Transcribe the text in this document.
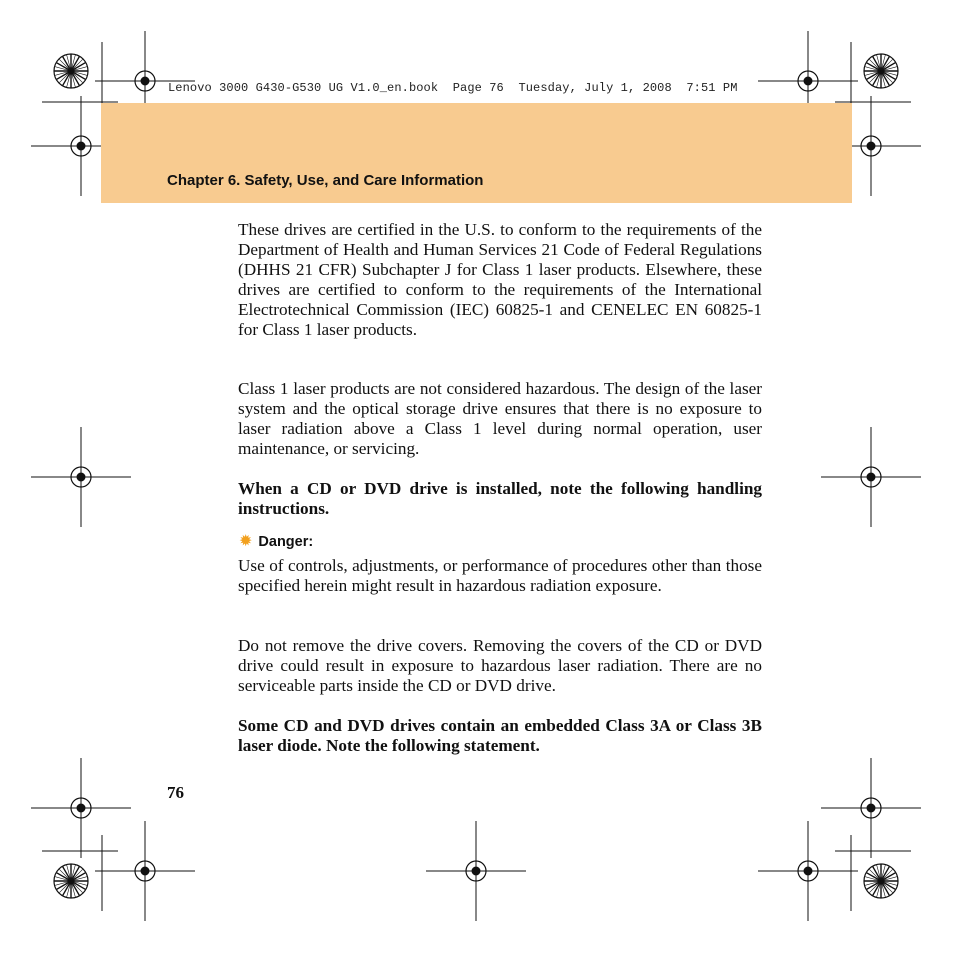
Lenovo 3000 G430-G530 UG V1.0_en.book  Page 76  Tuesday, July 1, 2008  7:51 PM
Chapter 6. Safety, Use, and Care Information
These drives are certified in the U.S. to conform to the requirements of the Department of Health and Human Services 21 Code of Federal Regulations (DHHS 21 CFR) Subchapter J for Class 1 laser products. Elsewhere, these drives are certified to conform to the requirements of the International Electrotechnical Commission (IEC) 60825-1 and CENELEC EN 60825-1 for Class 1 laser products.
Class 1 laser products are not considered hazardous. The design of the laser system and the optical storage drive ensures that there is no exposure to laser radiation above a Class 1 level during normal operation, user maintenance, or servicing.
When a CD or DVD drive is installed, note the following handling instructions.
✹ Danger:
Use of controls, adjustments, or performance of procedures other than those specified herein might result in hazardous radiation exposure.
Do not remove the drive covers. Removing the covers of the CD or DVD drive could result in exposure to hazardous laser radiation. There are no serviceable parts inside the CD or DVD drive.
Some CD and DVD drives contain an embedded Class 3A or Class 3B laser diode. Note the following statement.
76
